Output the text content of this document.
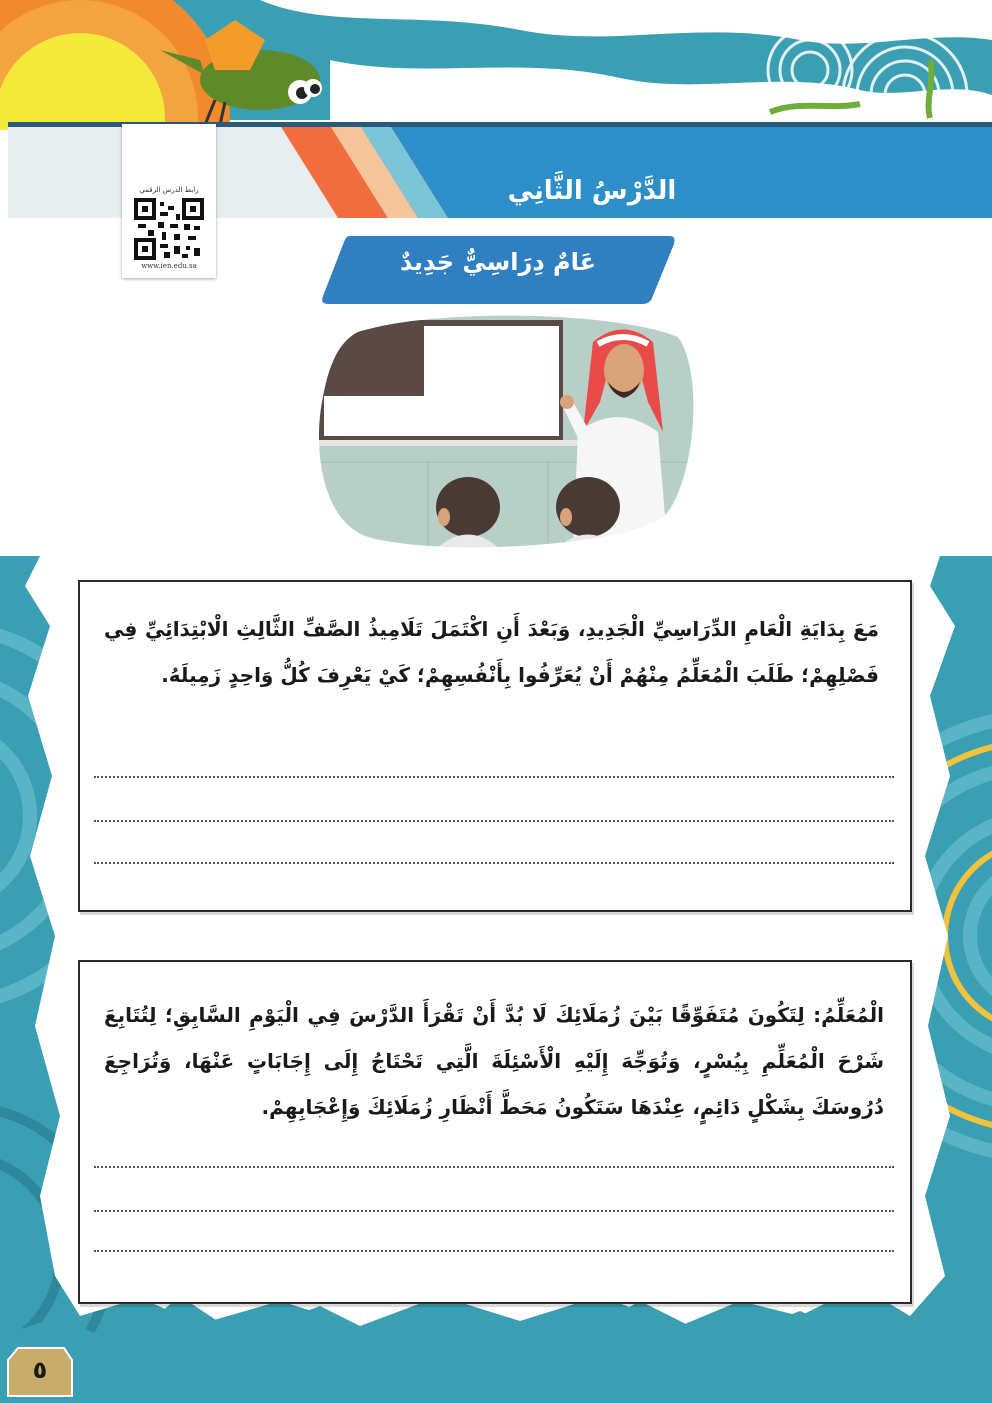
الدَّرْسُ الثَّانِي
رابط الدرس الرقمي
www.ien.edu.sa	عَامٌ دِرَاسِيٌّ جَدِيدٌ
مَعَ بِدَايَةِ الْعَامِ الدِّرَاسِيِّ الْجَدِيدِ، وَبَعْدَ أَنِ اكْتَمَلَ تَلَامِيذُ الصَّفِّ الثَّالِثِ الْابْتِدَائِيِّ فِي فَصْلِهِمْ؛ طَلَبَ الْمُعَلِّمُ مِنْهُمْ أَنْ يُعَرِّفُوا بِأَنْفُسِهِمْ؛ كَيْ يَعْرِفَ كُلُّ وَاحِدٍ زَمِيلَهُ.
الْمُعَلِّمُ: لِتَكُونَ مُتَفَوِّقًا بَيْنَ زُمَلَائِكَ لَا بُدَّ أَنْ تَقْرَأَ الدَّرْسَ فِي الْيَوْمِ السَّابِقِ؛ لِتُتَابِعَ شَرْحَ الْمُعَلِّمِ بِيُسْرٍ، وَتُوَجِّهَ إِلَيْهِ الْأَسْئِلَةَ الَّتِي تَحْتَاجُ إِلَى إِجَابَاتٍ عَنْهَا، وَتُرَاجِعَ دُرُوسَكَ بِشَكْلٍ دَائِمٍ، عِنْدَهَا سَتَكُونُ مَحَطَّ أَنْظَارِ زُمَلَائِكَ وَإِعْجَابِهِمْ.
٥
